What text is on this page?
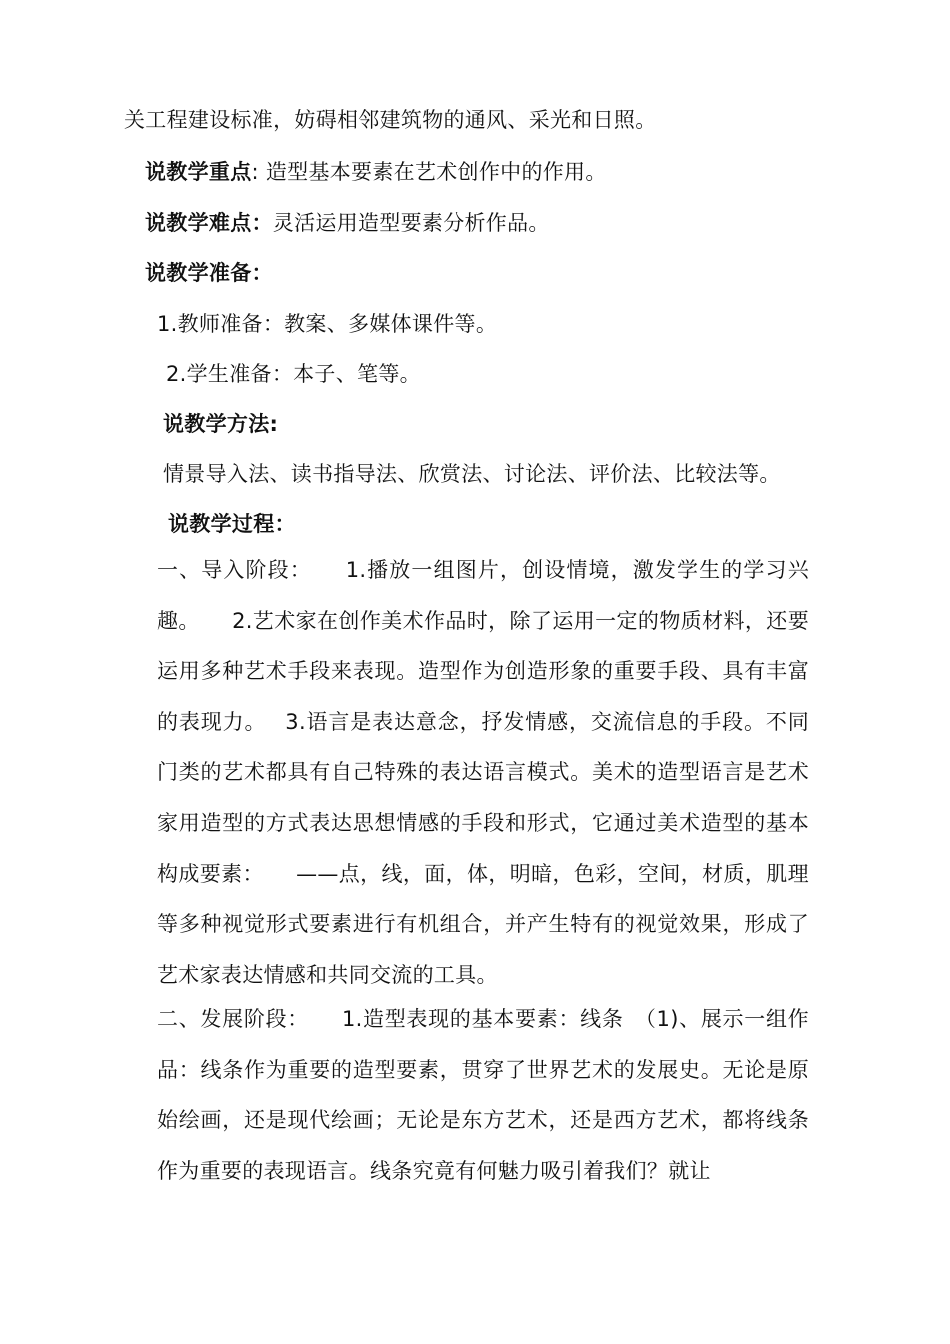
关工程建设标准，妨碍相邻建筑物的通风、采光和日照。
说教学重点: 造型基本要素在艺术创作中的作用。
说教学难点：灵活运用造型要素分析作品。
说教学准备：
1.教师准备：教案、多媒体课件等。
2.学生准备：本子、笔等。
说教学方法:
情景导入法、读书指导法、欣赏法、讨论法、评价法、比较法等。
说教学过程：
一、导入阶段：　　1.播放一组图片，创设情境，激发学生的学习兴趣。　　2.艺术家在创作美术作品时，除了运用一定的物质材料，还要运用多种艺术手段来表现。造型作为创造形象的重要手段、具有丰富的表现力。　 3.语言是表达意念，抒发情感，交流信息的手段。不同门类的艺术都具有自己特殊的表达语言模式。美术的造型语言是艺术家用造型的方式表达思想情感的手段和形式，它通过美术造型的基本构成要素：　　——点，线，面，体，明暗，色彩，空间，材质，肌理等多种视觉形式要素进行有机组合，并产生特有的视觉效果，形成了艺术家表达情感和共同交流的工具。
二、发展阶段：　　1.造型表现的基本要素：线条　（1)、展示一组作品：线条作为重要的造型要素，贯穿了世界艺术的发展史。无论是原始绘画，还是现代绘画；无论是东方艺术，还是西方艺术，都将线条作为重要的表现语言。线条究竟有何魅力吸引着我们？就让
